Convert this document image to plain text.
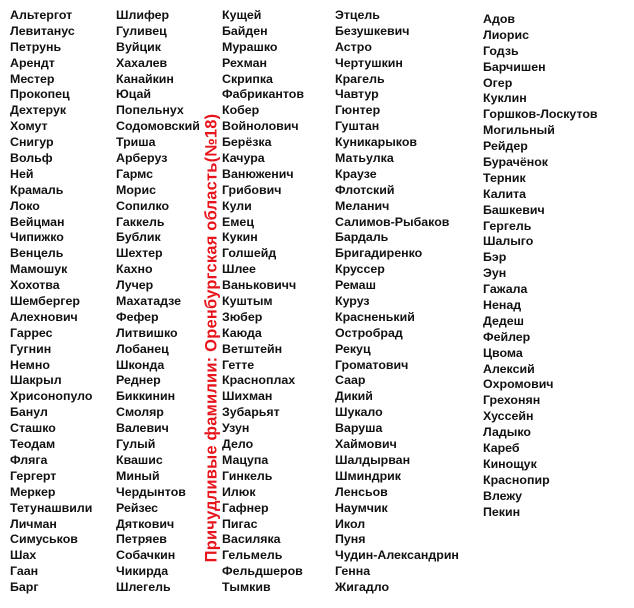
Альтергот
Левитанус
Петрунь
Арендт
Местер
Прокопец
Дехтерук
Хомут
Снигур
Вольф
Ней
Крамаль
Локо
Вейцман
Чипижко
Венцель
Мамошук
Хохотва
Шембергер
Алехнович
Гаррес
Гугнин
Немно
Шакрыл
Хрисонопуло
Банул
Сташко
Теодам
Фляга
Гергерт
Меркер
Тетунашвили
Личман
Симуськов
Шах
Гаан
Барг
Шлифер
Гуливец
Вуйцик
Хахалев
Канайкин
Юцай
Попельнух
Содомовский
Триша
Арберуз
Гармс
Морис
Сопилко
Гаккель
Бублик
Шехтер
Кахно
Лучер
Махатадзе
Фефер
Литвишко
Лобанец
Шконда
Реднер
Биккинин
Смоляр
Валевич
Гулый
Квашис
Миный
Чердынтов
Рейзес
Дяткович
Петряев
Собачкин
Чикирда
Шлегель
Кущей
Байден
Мурашко
Рехман
Скрипка
Фабрикантов
Кобер
Войнолович
Берёзка
Качура
Ванюженич
Грибович
Кули
Емец
Кукин
Голшейд
Шлее
Ваньковичч
Куштым
Зюбер
Каюда
Ветштейн
Гетте
Красноплах
Шихман
Зубарьят
Узун
Дело
Мацупа
Гинкель
Илюк
Гафнер
Пигас
Василяка
Гельмель
Фельдшеров
Тымкив
Этцель
Безушкевич
Астро
Чертушкин
Крагель
Чавтур
Гюнтер
Гуштан
Куникарыков
Матьулка
Краузе
Флотский
Меланич
Салимов-Рыбаков
Бардаль
Бригадиренко
Круссер
Ремаш
Куруз
Красненький
Остробрад
Рекуц
Громатович
Саар
Дикий
Шукало
Варуша
Хаймович
Шалдырван
Шминдрик
Ленсьов
Наумчик
Икол
Пуня
Чудин-Александрин
Генна
Жигадло
Адов
Лиорис
Годзь
Барчишен
Огер
Куклин
Горшков-Лоскутов
Могильный
Рейдер
Бурачёнок
Терник
Калита
Башкевич
Гергель
Шалыго
Бэр
Эун
Гажала
Ненад
Дедеш
Фейлер
Цвома
Алексий
Охромович
Грехонян
Хуссейн
Ладыко
Кареб
Кинощук
Краснопир
Влежу
Пекин
Причудливые фамилии: Оренбургская область(№18)
